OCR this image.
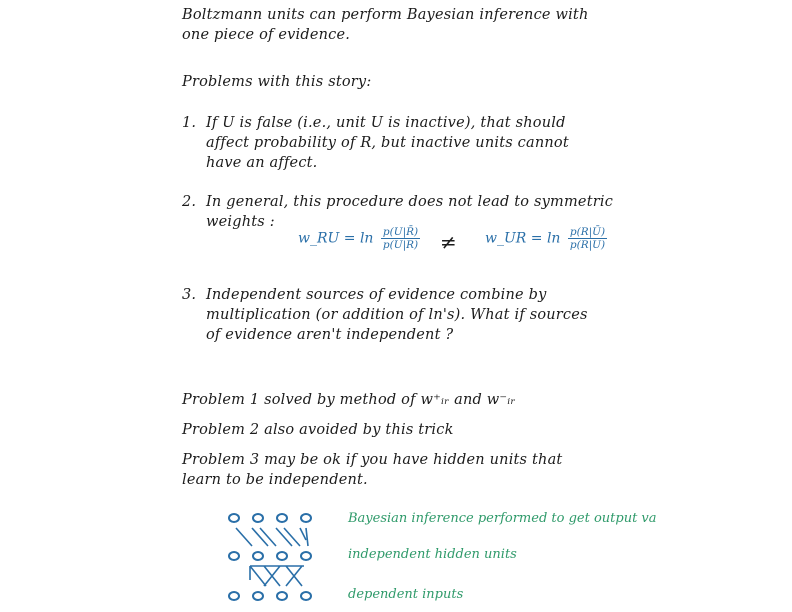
Boltzmann units can perform Bayesian inference with
one piece of evidence.
Problems with this story:
1. If U is false (i.e., unit U is inactive), that should
affect probability of R, but inactive units cannot
have an affect.
2. In general, this procedure does not lead to symmetric
weights :
w_RU = $\ln \frac{p(U|R̄)}{p(U|R)}$ ≠ w_UR = $\ln \frac{p(R|Ū)}{p(R|U)}$
3. Independent sources of evidence combine by
multiplication (or addition of ln's). What if sources
of evidence aren't independent ?
Problem 1 solved by method of w⁺ᵢᵣ and w⁻ᵢᵣ
Problem 2 also avoided by this trick
Problem 3 may be ok if you have hidden units that
learn to be independent.
Bayesian inference performed to get output va
independent hidden units
dependent inputs
